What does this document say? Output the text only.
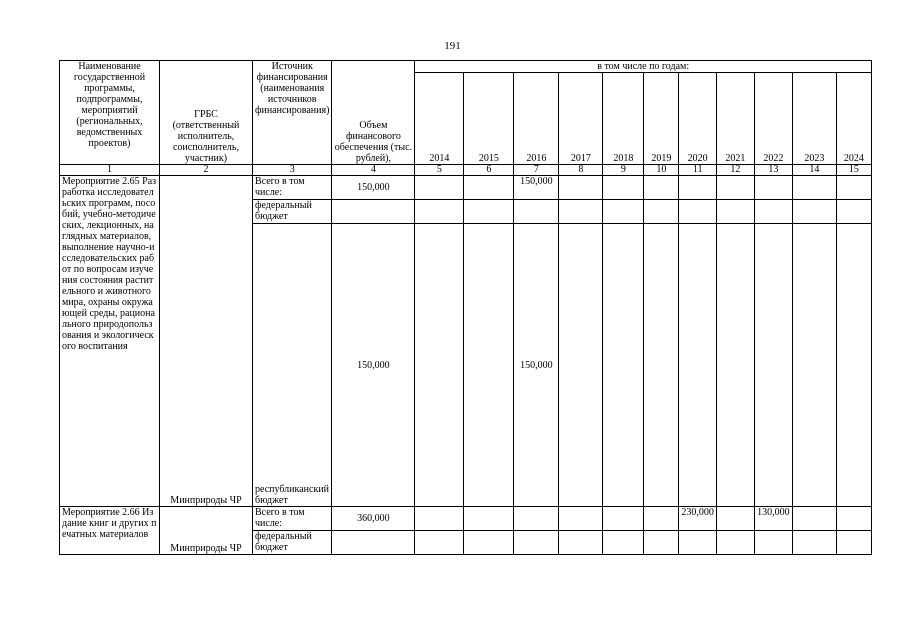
191
Наименование государственной программы, подпрограммы, мероприятий (региональных, ведомственных проектов)	ГРБС (ответственный исполнитель, соисполнитель, участник)	Источник финансирования (наименования источников финансирования)	Объем финансового обеспечения (тыс. рублей),	в том числе по годам:										
				2014	2015	2016	2017	2018	2019	2020	2021	2022	2023	2024
1	2	3	4	5	6	7	8	9	10	11	12	13	14	15
Мероприятие 2.65 Разработка исследовательских программ, пособий, учебно-методических, лекционных, наглядных материалов, выполнение научно-исследовательских работ по вопросам изучения состояния растительного и животного мира, охраны окружающей среды, рационального природопользования и экологического воспитания	Минприроды ЧР	Всего в том числе:	150,000			150,000								
		федеральный бюджет												
		республиканский бюджет	150,000			150,000								
Мероприятие 2.66 Издание книг и других печатных материалов	Минприроды ЧР	Всего в том числе:	360,000							230,000		130,000		
		федеральный бюджет												
